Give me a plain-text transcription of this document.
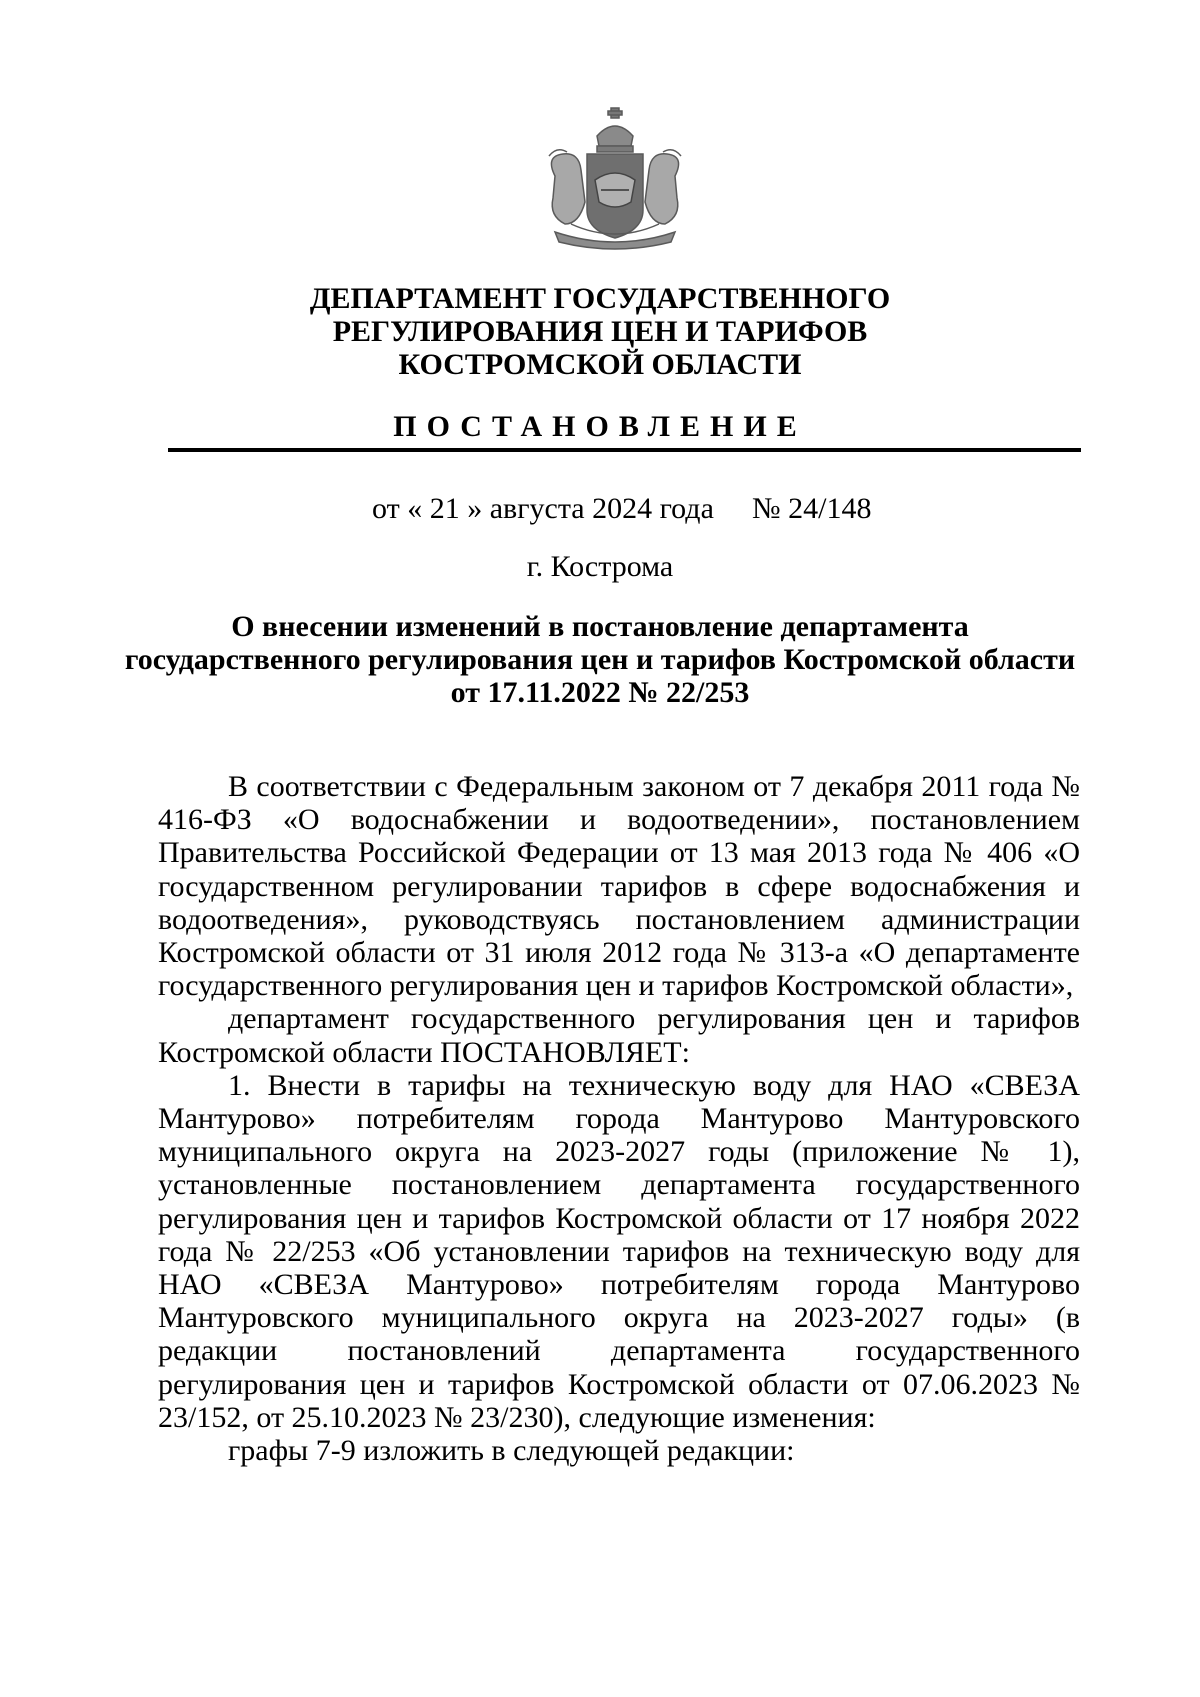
ДЕПАРТАМЕНТ ГОСУДАРСТВЕННОГО
РЕГУЛИРОВАНИЯ ЦЕН И ТАРИФОВ
КОСТРОМСКОЙ ОБЛАСТИ
ПОСТАНОВЛЕНИЕ
от « 21 » августа 2024 года № 24/148
г. Кострома
О внесении изменений в постановление департамента
государственного регулирования цен и тарифов Костромской области
от 17.11.2022 № 22/253

В соответствии с Федеральным законом от 7 декабря 2011 года № 416-ФЗ «О водоснабжении и водоотведении», постановлением Правительства Российской Федерации от 13 мая 2013 года № 406 «О государственном регулировании тарифов в сфере водоснабжения и водоотведения», руководствуясь постановлением администрации Костромской области от 31 июля 2012 года № 313-а «О департаменте государственного регулирования цен и тарифов Костромской области»,

департамент государственного регулирования цен и тарифов Костромской области ПОСТАНОВЛЯЕТ:

1. Внести в тарифы на техническую воду для НАО «СВЕЗА Мантурово» потребителям города Мантурово Мантуровского муниципального округа на 2023-2027 годы (приложение № 1), установленные постановлением департамента государственного регулирования цен и тарифов Костромской области от 17 ноября 2022 года № 22/253 «Об установлении тарифов на техническую воду для НАО «СВЕЗА Мантурово» потребителям города Мантурово Мантуровского муниципального округа на 2023-2027 годы» (в редакции постановлений департамента государственного регулирования цен и тарифов Костромской области от 07.06.2023 № 23/152, от 25.10.2023 № 23/230), следующие изменения:

графы 7-9 изложить в следующей редакции:
